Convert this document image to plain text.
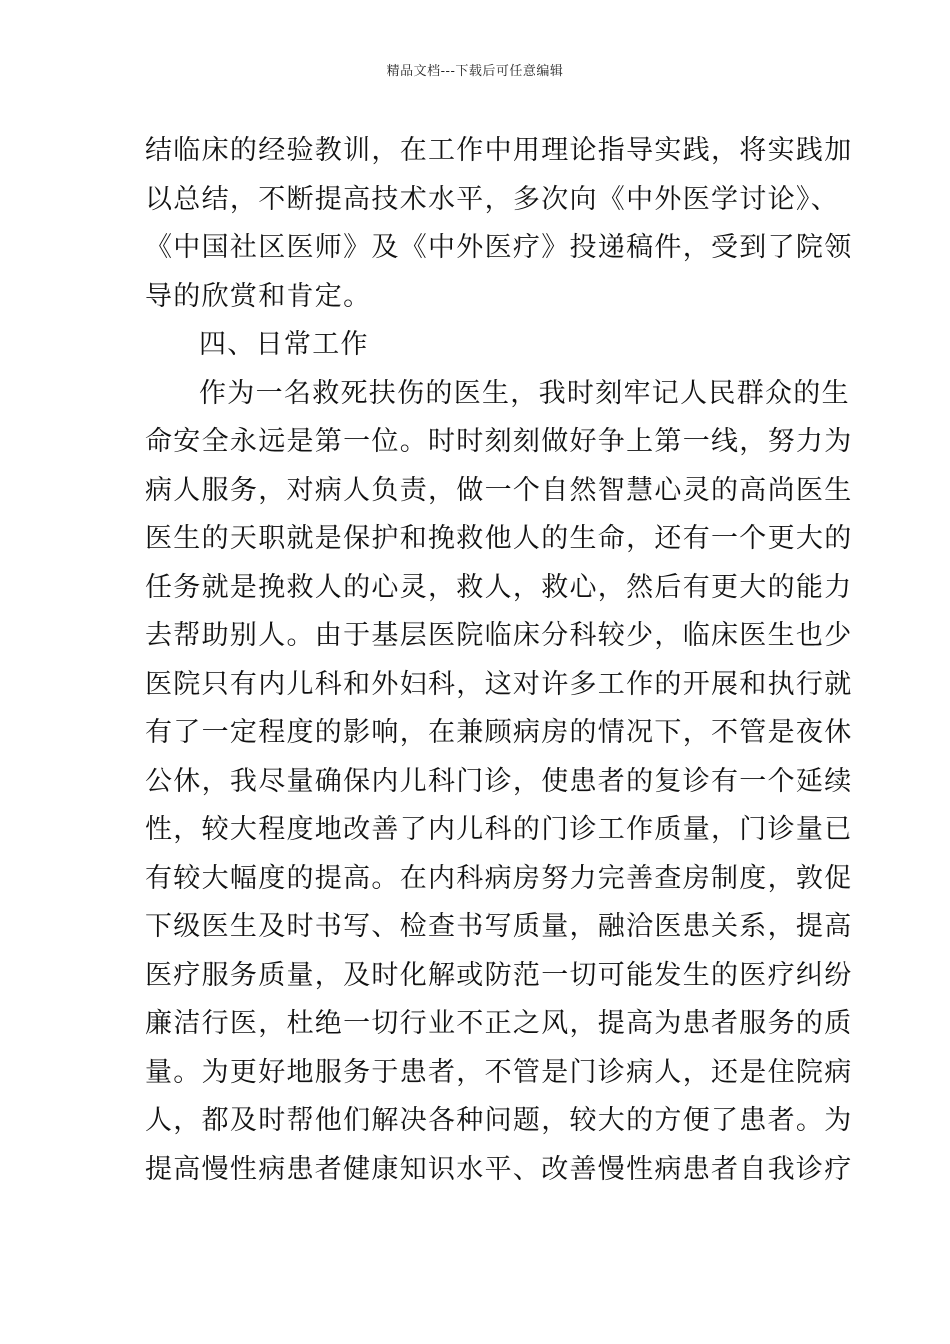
精品文档---下载后可任意编辑
结临床的经验教训，在工作中用理论指导实践，将实践加
以总结，不断提高技术水平，多次向《中外医学讨论》、
《中国社区医师》及《中外医疗》投递稿件，受到了院领
导的欣赏和肯定。
四、日常工作
作为一名救死扶伤的医生，我时刻牢记人民群众的生
命安全永远是第一位。时时刻刻做好争上第一线，努力为
病人服务，对病人负责，做一个自然智慧心灵的高尚医生
医生的天职就是保护和挽救他人的生命，还有一个更大的
任务就是挽救人的心灵，救人，救心，然后有更大的能力
去帮助别人。由于基层医院临床分科较少，临床医生也少
医院只有内儿科和外妇科，这对许多工作的开展和执行就
有了一定程度的影响，在兼顾病房的情况下，不管是夜休
公休，我尽量确保内儿科门诊，使患者的复诊有一个延续
性，较大程度地改善了内儿科的门诊工作质量，门诊量已
有较大幅度的提高。在内科病房努力完善查房制度，敦促
下级医生及时书写、检查书写质量，融洽医患关系，提高
医疗服务质量，及时化解或防范一切可能发生的医疗纠纷
廉洁行医，杜绝一切行业不正之风，提高为患者服务的质
量。为更好地服务于患者，不管是门诊病人，还是住院病
人，都及时帮他们解决各种问题，较大的方便了患者。为
提高慢性病患者健康知识水平、改善慢性病患者自我诊疗
